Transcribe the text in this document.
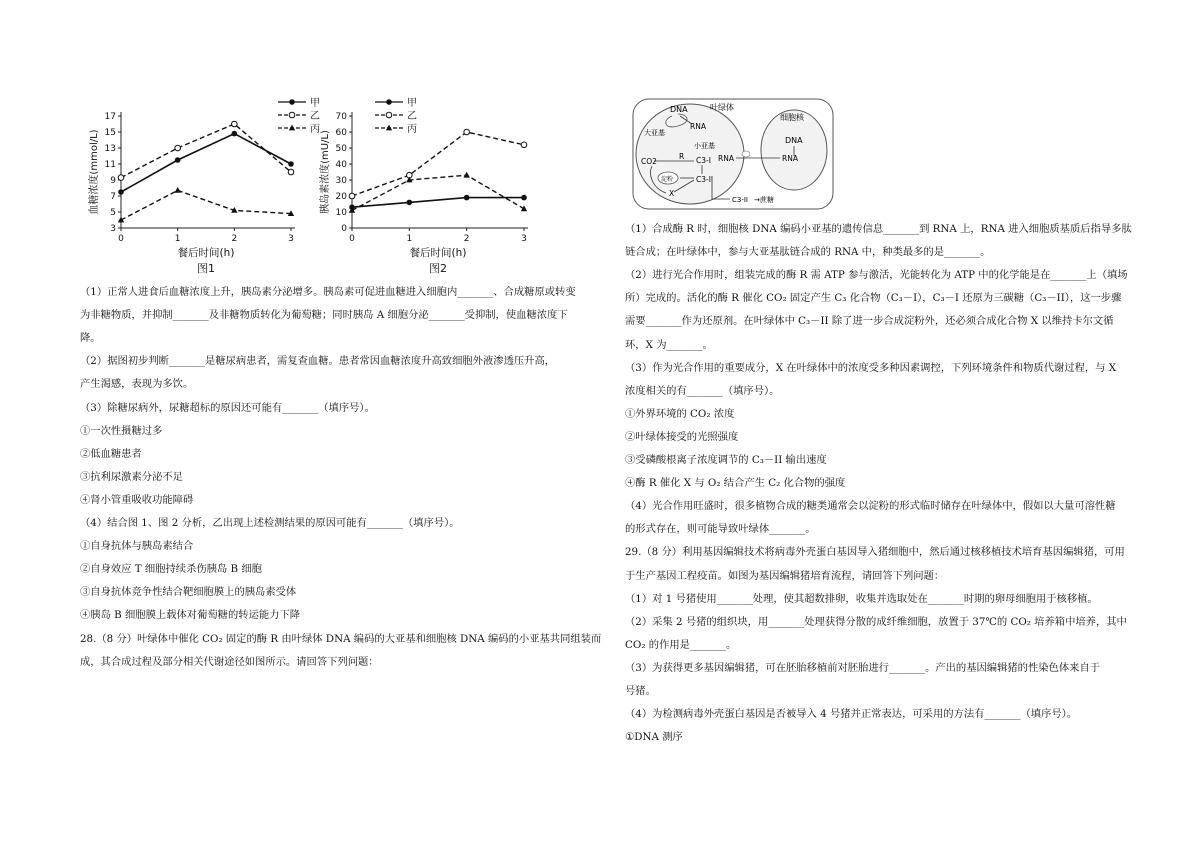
3
5
7
9
11
13
15
17
0	1	2	3
餐后时间(h)
图1
血糖浓度(mmol/L)
甲
乙
丙
0
10
20
30
40
50
60
70
0	1	2	3
餐后时间(h)
图2
胰岛素浓度(mU/L)
甲
乙
丙
叶绿体
细胞核
DNA
RNA
大亚基
小亚基
R
CO2	C3-I
C3-II
X
RNA
DNA
RNA
C3-II →蔗糖
淀粉
（1）正常人进食后血糖浓度上升，胰岛素分泌增多。胰岛素可促进血糖进入细胞内_______、合成糖原或转变
为非糖物质，并抑制_______及非糖物质转化为葡萄糖；同时胰岛 A 细胞分泌_______受抑制，使血糖浓度下
降。
（2）据图初步判断_______是糖尿病患者，需复查血糖。患者常因血糖浓度升高致细胞外液渗透压升高，
产生渴感，表现为多饮。
（3）除糖尿病外，尿糖超标的原因还可能有_______（填序号）。
①一次性摄糖过多
②低血糖患者
③抗利尿激素分泌不足
④肾小管重吸收功能障碍
（4）结合图 1、图 2 分析，乙出现上述检测结果的原因可能有_______（填序号）。
①自身抗体与胰岛素结合
②自身效应 T 细胞持续杀伤胰岛 B 细胞
③自身抗体竞争性结合靶细胞膜上的胰岛素受体
④胰岛 B 细胞膜上载体对葡萄糖的转运能力下降
28.（8 分）叶绿体中催化 CO₂ 固定的酶 R 由叶绿体 DNA 编码的大亚基和细胞核 DNA 编码的小亚基共同组装而
成，其合成过程及部分相关代谢途径如图所示。请回答下列问题：
（1）合成酶 R 时，细胞核 DNA 编码小亚基的遗传信息_______到 RNA 上，RNA 进入细胞质基质后指导多肽
链合成；在叶绿体中，参与大亚基肽链合成的 RNA 中，种类最多的是_______。
（2）进行光合作用时，组装完成的酶 R 需 ATP 参与激活，光能转化为 ATP 中的化学能是在_______上（填场
所）完成的。活化的酶 R 催化 CO₂ 固定产生 C₃ 化合物（C₃－I），C₃－I 还原为三碳糖（C₃－II），这一步骤
需要_______作为还原剂。在叶绿体中 C₃－II 除了进一步合成淀粉外，还必须合成化合物 X 以维持卡尔文循
环，X 为_______。
（3）作为光合作用的重要成分，X 在叶绿体中的浓度受多种因素调控，下列环境条件和物质代谢过程，与 X
浓度相关的有_______（填序号）。
①外界环境的 CO₂ 浓度
②叶绿体接受的光照强度
③受磷酸根离子浓度调节的 C₃－II 输出速度
④酶 R 催化 X 与 O₂ 结合产生 C₂ 化合物的强度
（4）光合作用旺盛时，很多植物合成的糖类通常会以淀粉的形式临时储存在叶绿体中，假如以大量可溶性糖
的形式存在，则可能导致叶绿体_______。
29.（8 分）利用基因编辑技术将病毒外壳蛋白基因导入猪细胞中，然后通过核移植技术培育基因编辑猪，可用
于生产基因工程疫苗。如图为基因编辑猪培育流程，请回答下列问题：
（1）对 1 号猪使用_______处理，使其超数排卵，收集并选取处在_______时期的卵母细胞用于核移植。
（2）采集 2 号猪的组织块，用_______处理获得分散的成纤维细胞，放置于 37℃的 CO₂ 培养箱中培养，其中
CO₂ 的作用是_______。
（3）为获得更多基因编辑猪，可在胚胎移植前对胚胎进行_______。产出的基因编辑猪的性染色体来自于
号猪。
（4）为检测病毒外壳蛋白基因是否被导入 4 号猪并正常表达，可采用的方法有_______（填序号）。
①DNA 测序
